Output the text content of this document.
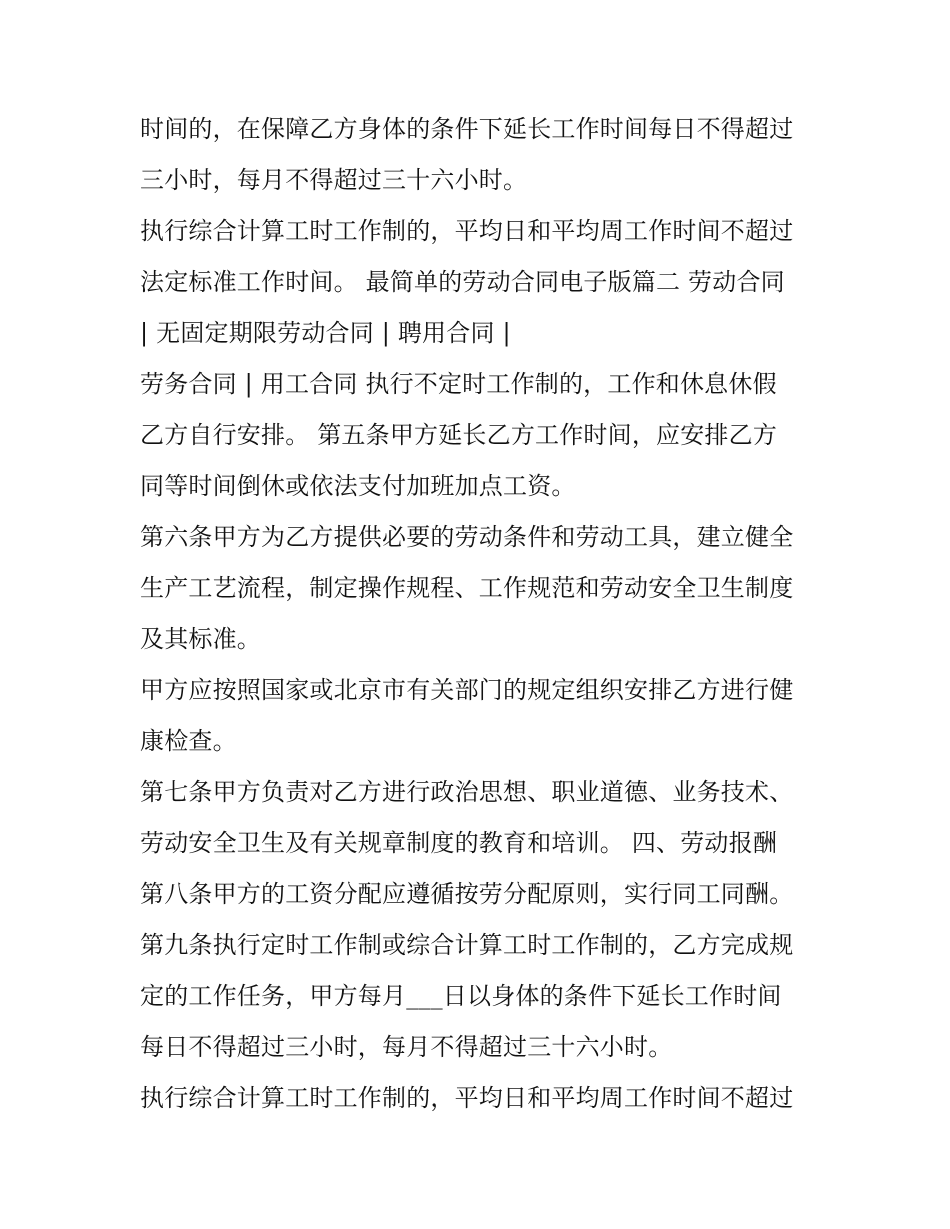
时间的，在保障乙方身体的条件下延长工作时间每日不得超过
三小时，每月不得超过三十六小时。
执行综合计算工时工作制的，平均日和平均周工作时间不超过
法定标准工作时间。 最简单的劳动合同电子版篇二 劳动合同
| 无固定期限劳动合同 | 聘用合同 |
劳务合同 | 用工合同 执行不定时工作制的，工作和休息休假
乙方自行安排。 第五条甲方延长乙方工作时间，应安排乙方
同等时间倒休或依法支付加班加点工资。
第六条甲方为乙方提供必要的劳动条件和劳动工具，建立健全
生产工艺流程，制定操作规程、工作规范和劳动安全卫生制度
及其标准。
甲方应按照国家或北京市有关部门的规定组织安排乙方进行健
康检查。
第七条甲方负责对乙方进行政治思想、职业道德、业务技术、
劳动安全卫生及有关规章制度的教育和培训。 四、劳动报酬
第八条甲方的工资分配应遵循按劳分配原则，实行同工同酬。
第九条执行定时工作制或综合计算工时工作制的，乙方完成规
定的工作任务，甲方每月___日以身体的条件下延长工作时间
每日不得超过三小时，每月不得超过三十六小时。
执行综合计算工时工作制的，平均日和平均周工作时间不超过
